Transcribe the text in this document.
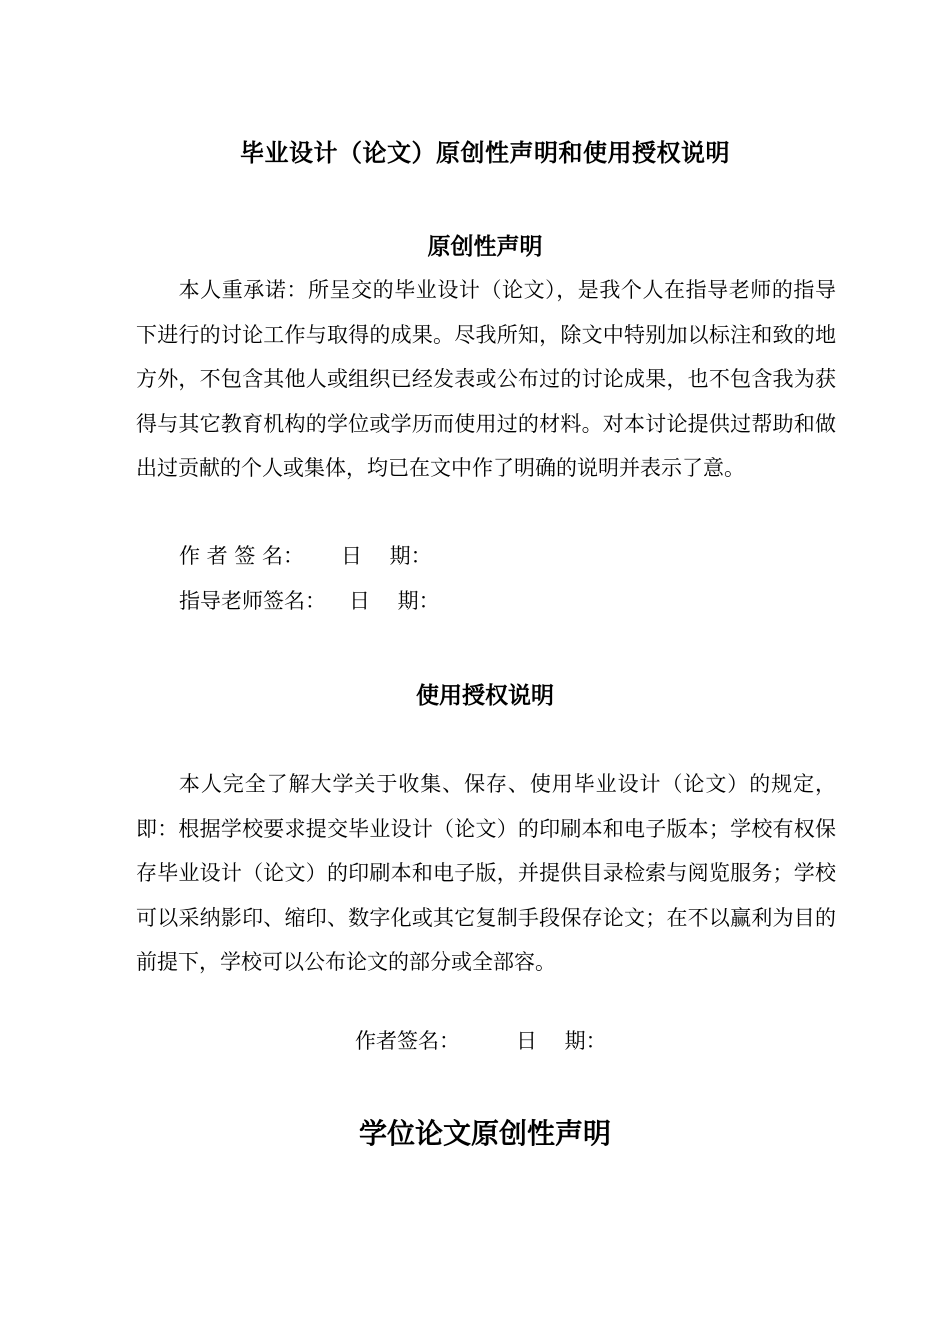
毕业设计（论文）原创性声明和使用授权说明
原创性声明
本人重承诺：所呈交的毕业设计（论文），是我个人在指导老师的指导下进行的讨论工作与取得的成果。尽我所知，除文中特别加以标注和致的地方外，不包含其他人或组织已经发表或公布过的讨论成果，也不包含我为获得与其它教育机构的学位或学历而使用过的材料。对本讨论提供过帮助和做出过贡献的个人或集体，均已在文中作了明确的说明并表示了意。
作 者 签 名： 日　 期：
指导老师签名： 日　 期：
使用授权说明
本人完全了解大学关于收集、保存、使用毕业设计（论文）的规定，即：根据学校要求提交毕业设计（论文）的印刷本和电子版本；学校有权保存毕业设计（论文）的印刷本和电子版，并提供目录检索与阅览服务；学校可以采纳影印、缩印、数字化或其它复制手段保存论文；在不以赢利为目的前提下，学校可以公布论文的部分或全部容。
作者签名：	日　 期：
学位论文原创性声明
